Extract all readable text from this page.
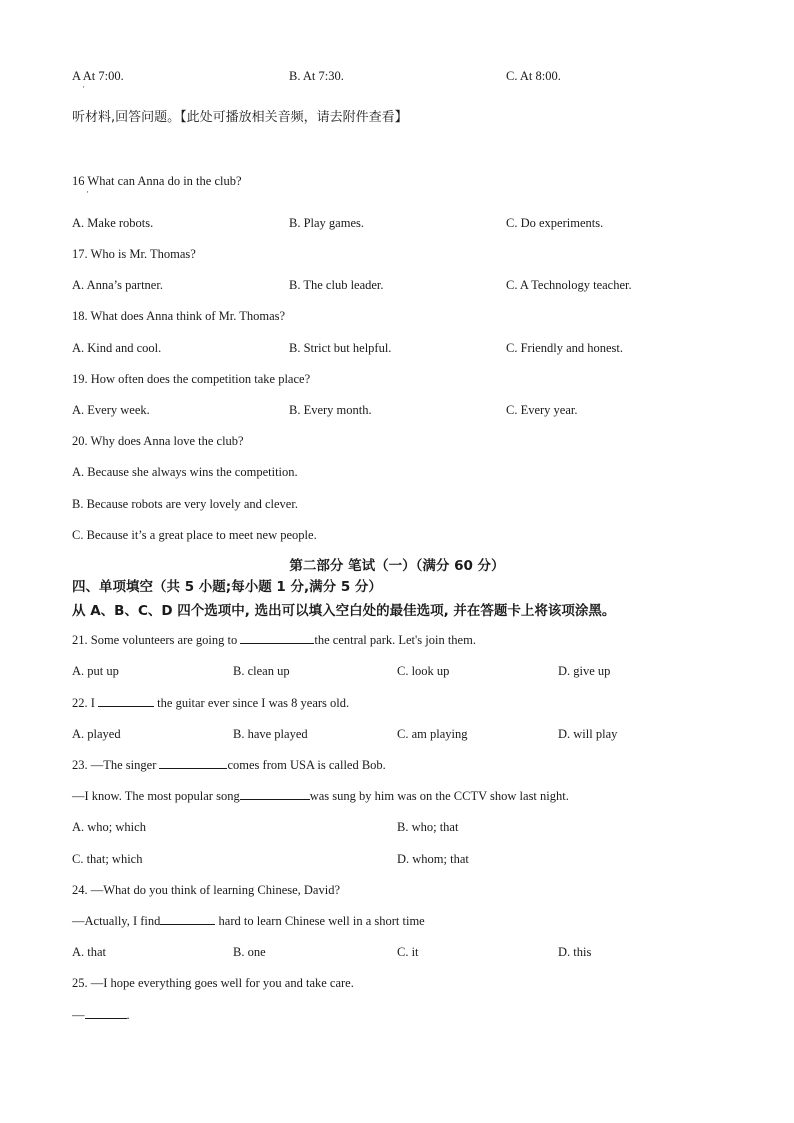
A At 7:00.
·
B. At 7:30.	C. At 8:00.
听材料,回答问题。【此处可播放相关音频，请去附件查看】
16 What can Anna do in the club?
·
A. Make robots.	B. Play games.	C. Do experiments.
17. Who is Mr. Thomas?
A. Anna’s partner.	B. The club leader.	C. A Technology teacher.
18. What does Anna think of Mr. Thomas?
A. Kind and cool.	B. Strict but helpful.	C. Friendly and honest.
19. How often does the competition take place?
A. Every week.	B. Every month.	C. Every year.
20. Why does Anna love the club?
A. Because she always wins the competition.
B. Because robots are very lovely and clever.
C. Because it’s a great place to meet new people.
第二部分 笔试（一）（满分 60 分）
四、单项填空（共 5 小题;每小题 1 分,满分 5 分）
从 A、B、C、D 四个选项中, 选出可以填入空白处的最佳选项, 并在答题卡上将该项涂黑。
21. Some volunteers are going to	the central park. Let's join them.
A. put up	B. clean up	C. look up	D. give up
22. I	the guitar ever since I was 8 years old.
A. played	B. have played	C. am playing	D. will play
23. —The singer	comes from USA is called Bob.
—I know. The most popular song	was sung by him was on the CCTV show last night.
A. who; which	B. who; that
C. that; which	D. whom; that
24. —What do you think of learning Chinese, David?
—Actually, I find	hard to learn Chinese well in a short time
A. that	B. one	C. it	D. this
25. —I hope everything goes well for you and take care.
—	.
